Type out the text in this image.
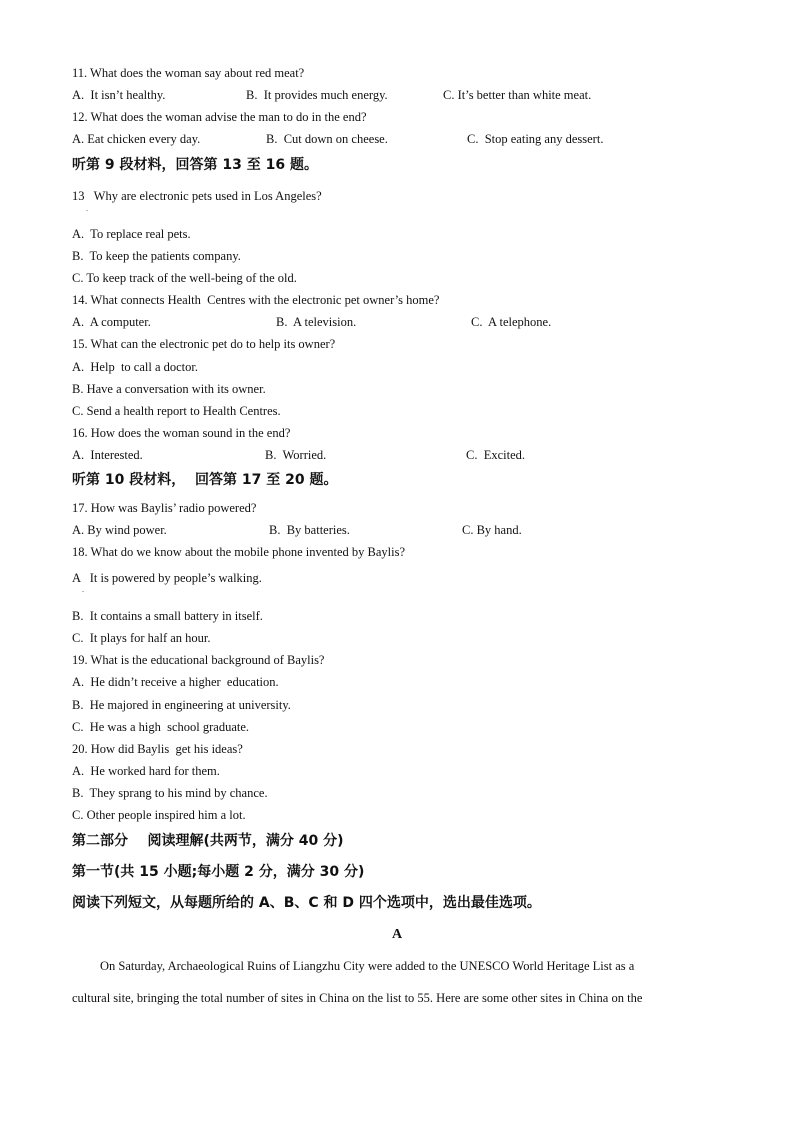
11. What does the woman say about red meat?
A.  It isn’t healthy.	B.  It provides much energy.	C. It’s better than white meat.
12. What does the woman advise the man to do in the end?
A. Eat chicken every day.	B.  Cut down on cheese.	C.  Stop eating any dessert.
听第 9 段材料，回答第 13 至 16 题。
13   Why are electronic pets used in Los Angeles?
.
A.  To replace real pets.
B.  To keep the patients company.
C. To keep track of the well-being of the old.
14. What connects Health  Centres with the electronic pet owner’s home?
A.  A computer.	B.  A television.	C.  A telephone.
15. What can the electronic pet do to help its owner?
A.  Help  to call a doctor.
B. Have a conversation with its owner.
C. Send a health report to Health Centres.
16. How does the woman sound in the end?
A.  Interested.	B.  Worried.	C.  Excited.
听第 10 段材料，  回答第 17 至 20 题。
17. How was Baylis’ radio powered?
A. By wind power.	B.  By batteries.	C. By hand.
18. What do we know about the mobile phone invented by Baylis?
A   It is powered by people’s walking.
.
B.  It contains a small battery in itself.
C.  It plays for half an hour.
19. What is the educational background of Baylis?
A.  He didn’t receive a higher  education.
B.  He majored in engineering at university.
C.  He was a high  school graduate.
20. How did Baylis  get his ideas?
A.  He worked hard for them.
B.  They sprang to his mind by chance.
C. Other people inspired him a lot.
第二部分    阅读理解(共两节，满分 40 分)
第一节(共 15 小题;每小题 2 分，满分 30 分)
阅读下列短文，从每题所给的 A、B、C 和 D 四个选项中，选出最佳选项。
A
On Saturday, Archaeological Ruins of Liangzhu City were added to the UNESCO World Heritage List as a
cultural site, bringing the total number of sites in China on the list to 55. Here are some other sites in China on the
